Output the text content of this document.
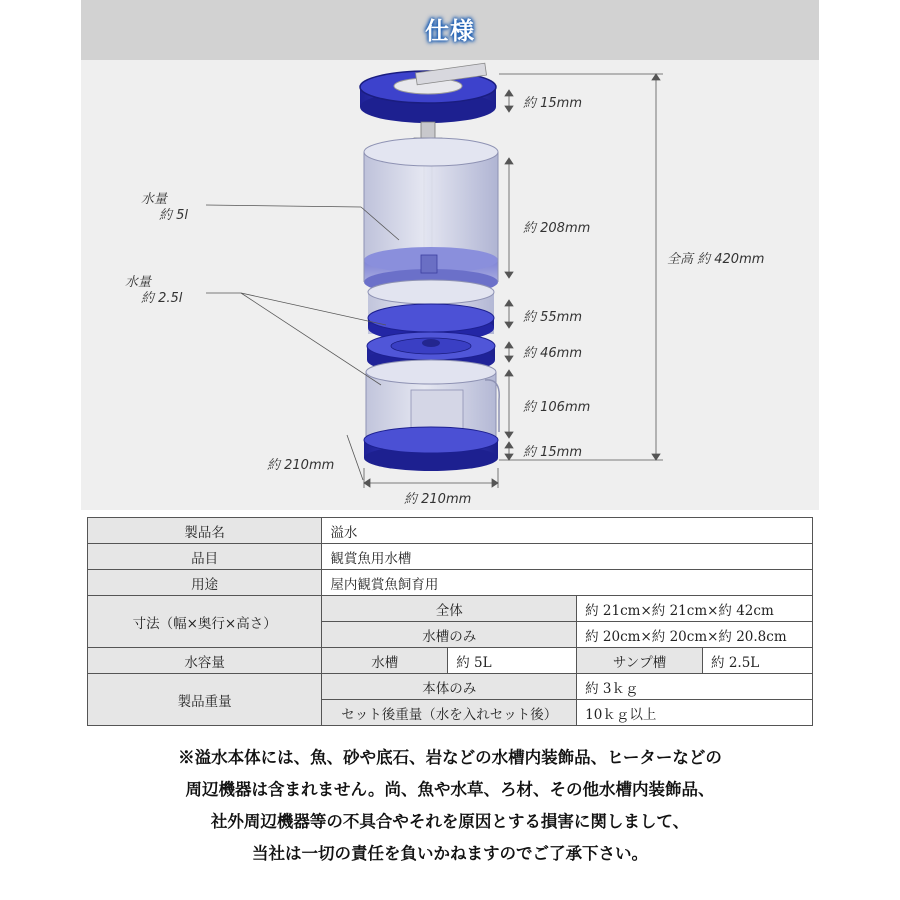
仕様
水量
約 5l
水量
約 2.5l
約 15mm
約 208mm
約 55mm
約 46mm
約 106mm
約 15mm
全高 約 420mm
約 210mm
約 210mm
製品名	溢水			
品目	観賞魚用水槽			
用途	屋内観賞魚飼育用			
寸法（幅×奥行×高さ）	全体		約 21cm×約 21cm×約 42cm	
	水槽のみ		約 20cm×約 20cm×約 20.8cm	
水容量	水槽	約 5L	サンプ槽	約 2.5L
製品重量	本体のみ		約 3ｋｇ	
	セット後重量（水を入れセット後）		10ｋｇ以上	
※溢水本体には、魚、砂や底石、岩などの水槽内装飾品、ヒーターなどの
周辺機器は含まれません。尚、魚や水草、ろ材、その他水槽内装飾品、
社外周辺機器等の不具合やそれを原因とする損害に関しまして、
当社は一切の責任を負いかねますのでご了承下さい。
